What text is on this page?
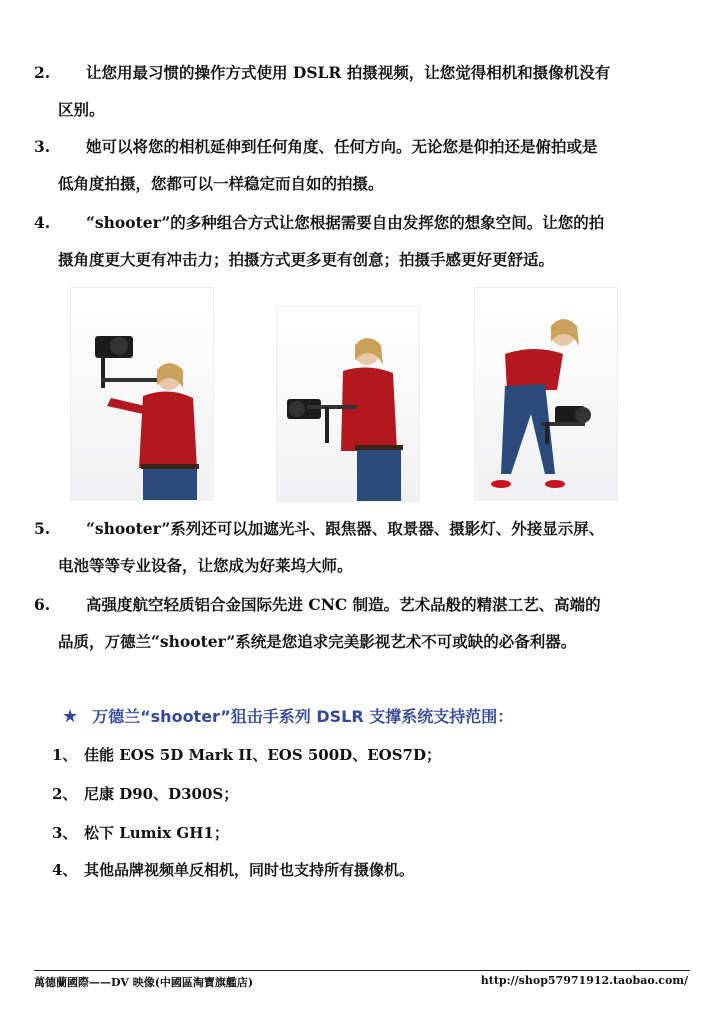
2. 让您用最习惯的操作方式使用 DSLR 拍摄视频，让您觉得相机和摄像机没有
区别。
3. 她可以将您的相机延伸到任何角度、任何方向。无论您是仰拍还是俯拍或是
低角度拍摄，您都可以一样稳定而自如的拍摄。
4. “shooter”的多种组合方式让您根据需要自由发挥您的想象空间。让您的拍
摄角度更大更有冲击力；拍摄方式更多更有创意；拍摄手感更好更舒适。
5. “shooter”系列还可以加遮光斗、跟焦器、取景器、摄影灯、外接显示屏、
电池等等专业设备，让您成为好莱坞大师。
6. 高强度航空轻质铝合金国际先进 CNC 制造。艺术品般的精湛工艺、高端的
品质，万德兰“shooter”系统是您追求完美影视艺术不可或缺的必备利器。
★ 万德兰“shooter”狙击手系列 DSLR 支撑系统支持范围：
1、 佳能 EOS 5D Mark II、EOS 500D、EOS7D；
2、 尼康 D90、D300S；
3、 松下 Lumix GH1；
4、 其他品牌视频单反相机，同时也支持所有摄像机。
萬德蘭國際——DV 映像(中國區淘寶旗艦店)	http://shop57971912.taobao.com/
